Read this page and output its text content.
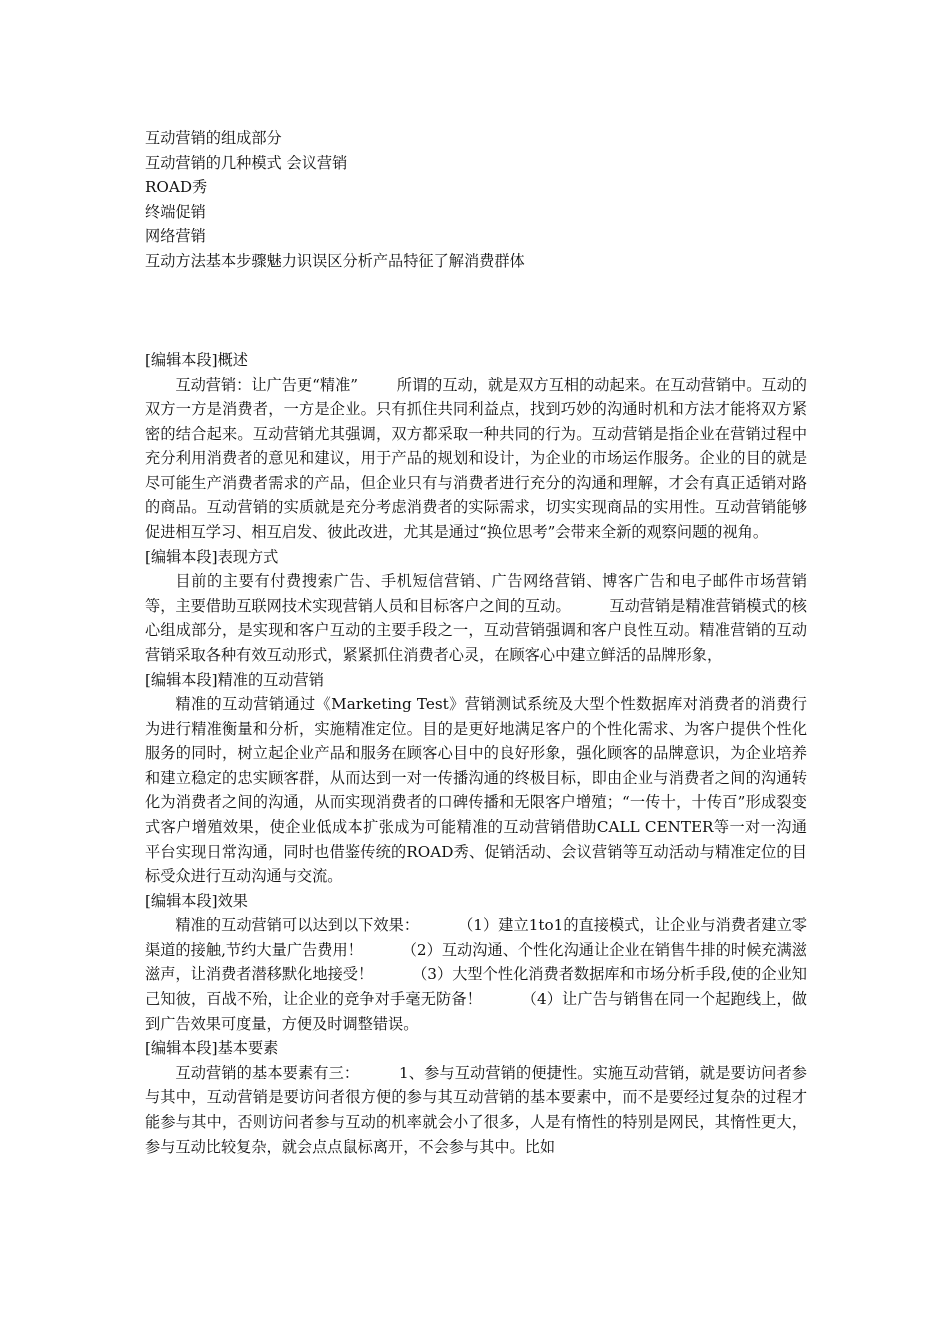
互动营销的组成部分
互动营销的几种模式 会议营销
ROAD秀
终端促销
网络营销
互动方法基本步骤魅力识误区分析产品特征了解消费群体
[编辑本段]概述

互动营销：让广告更“精准”        所谓的互动，就是双方互相的动起来。在互动营销中。互动的双方一方是消费者，一方是企业。只有抓住共同利益点，找到巧妙的沟通时机和方法才能将双方紧密的结合起来。互动营销尤其强调，双方都采取一种共同的行为。互动营销是指企业在营销过程中充分利用消费者的意见和建议，用于产品的规划和设计，为企业的市场运作服务。企业的目的就是尽可能生产消费者需求的产品，但企业只有与消费者进行充分的沟通和理解，才会有真正适销对路的商品。互动营销的实质就是充分考虑消费者的实际需求，切实实现商品的实用性。互动营销能够促进相互学习、相互启发、彼此改进，尤其是通过“换位思考”会带来全新的观察问题的视角。

[编辑本段]表现方式

目前的主要有付费搜索广告、手机短信营销、广告网络营销、博客广告和电子邮件市场营销等，主要借助互联网技术实现营销人员和目标客户之间的互动。        互动营销是精准营销模式的核心组成部分，是实现和客户互动的主要手段之一，互动营销强调和客户良性互动。精准营销的互动营销采取各种有效互动形式，紧紧抓住消费者心灵，在顾客心中建立鲜活的品牌形象，

[编辑本段]精准的互动营销

精准的互动营销通过《Marketing Test》营销测试系统及大型个性数据库对消费者的消费行为进行精准衡量和分析，实施精准定位。目的是更好地满足客户的个性化需求、为客户提供个性化服务的同时，树立起企业产品和服务在顾客心目中的良好形象，强化顾客的品牌意识，为企业培养和建立稳定的忠实顾客群，从而达到一对一传播沟通的终极目标，即由企业与消费者之间的沟通转化为消费者之间的沟通，从而实现消费者的口碑传播和无限客户增殖；“一传十，十传百”形成裂变式客户增殖效果，使企业低成本扩张成为可能精准的互动营销借助CALL CENTER等一对一沟通平台实现日常沟通，同时也借鉴传统的ROAD秀、促销活动、会议营销等互动活动与精准定位的目标受众进行互动沟通与交流。

[编辑本段]效果

精准的互动营销可以达到以下效果：        （1）建立1to1的直接模式，让企业与消费者建立零渠道的接触,节约大量广告费用！        （2）互动沟通、个性化沟通让企业在销售牛排的时候充满滋滋声，让消费者潜移默化地接受！        （3）大型个性化消费者数据库和市场分析手段,使的企业知己知彼，百战不殆，让企业的竞争对手毫无防备！        （4）让广告与销售在同一个起跑线上，做到广告效果可度量，方便及时调整错误。

[编辑本段]基本要素

互动营销的基本要素有三：        1、参与互动营销的便捷性。实施互动营销，就是要访问者参与其中，互动营销是要访问者很方便的参与其互动营销的基本要素中，而不是要经过复杂的过程才能参与其中，否则访问者参与互动的机率就会小了很多，人是有惰性的特别是网民，其惰性更大，参与互动比较复杂，就会点点鼠标离开，不会参与其中。比如
